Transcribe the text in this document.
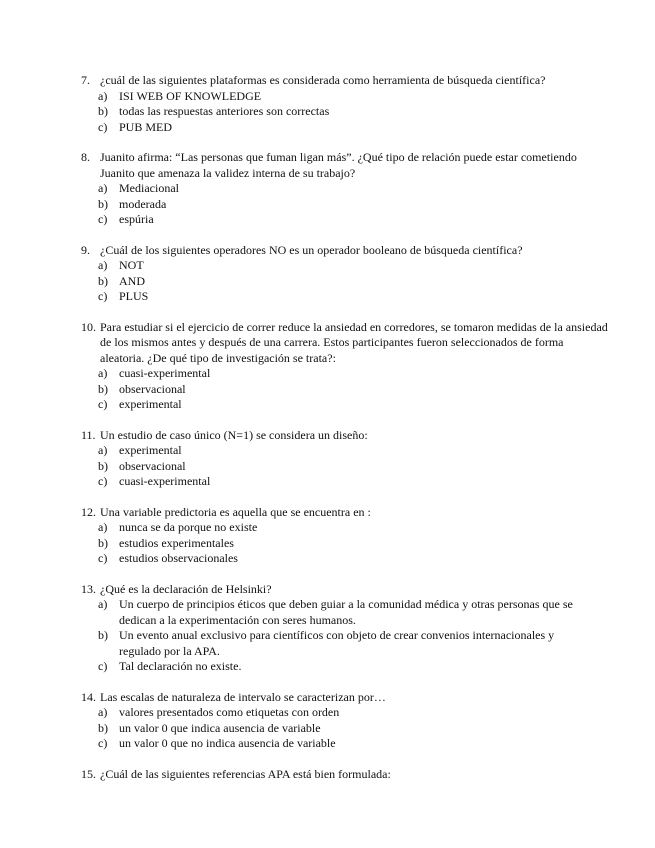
7. ¿cuál de las siguientes plataformas es considerada como herramienta de búsqueda científica?
a) ISI WEB OF KNOWLEDGE
b) todas las respuestas anteriores son correctas
c) PUB MED
8. Juanito afirma: “Las personas que fuman ligan más”. ¿Qué tipo de relación puede estar cometiendo Juanito que amenaza la validez interna de su trabajo?
a) Mediacional
b) moderada
c) espúria
9. ¿Cuál de los siguientes operadores NO es un operador booleano de búsqueda científica?
a) NOT
b) AND
c) PLUS
10. Para estudiar si el ejercicio de correr reduce la ansiedad en corredores, se tomaron medidas de la ansiedad de los mismos antes y después de una carrera. Estos participantes fueron seleccionados de forma aleatoria. ¿De qué tipo de investigación se trata?:
a) cuasi-experimental
b) observacional
c) experimental
11. Un estudio de caso único (N=1) se considera un diseño:
a) experimental
b) observacional
c) cuasi-experimental
12. Una variable predictoria es aquella que se encuentra en :
a) nunca se da porque no existe
b) estudios experimentales
c) estudios observacionales
13. ¿Qué es la declaración de Helsinki?
a) Un cuerpo de principios éticos que deben guiar a la comunidad médica y otras personas que se dedican a la experimentación con seres humanos.
b) Un evento anual exclusivo para científicos con objeto de crear convenios internacionales y regulado por la APA.
c) Tal declaración no existe.
14. Las escalas de naturaleza de intervalo se caracterizan por…
a) valores presentados como etiquetas con orden
b) un valor 0 que indica ausencia de variable
c) un valor 0 que no indica ausencia de variable
15. ¿Cuál de las siguientes referencias APA está bien formulada:
